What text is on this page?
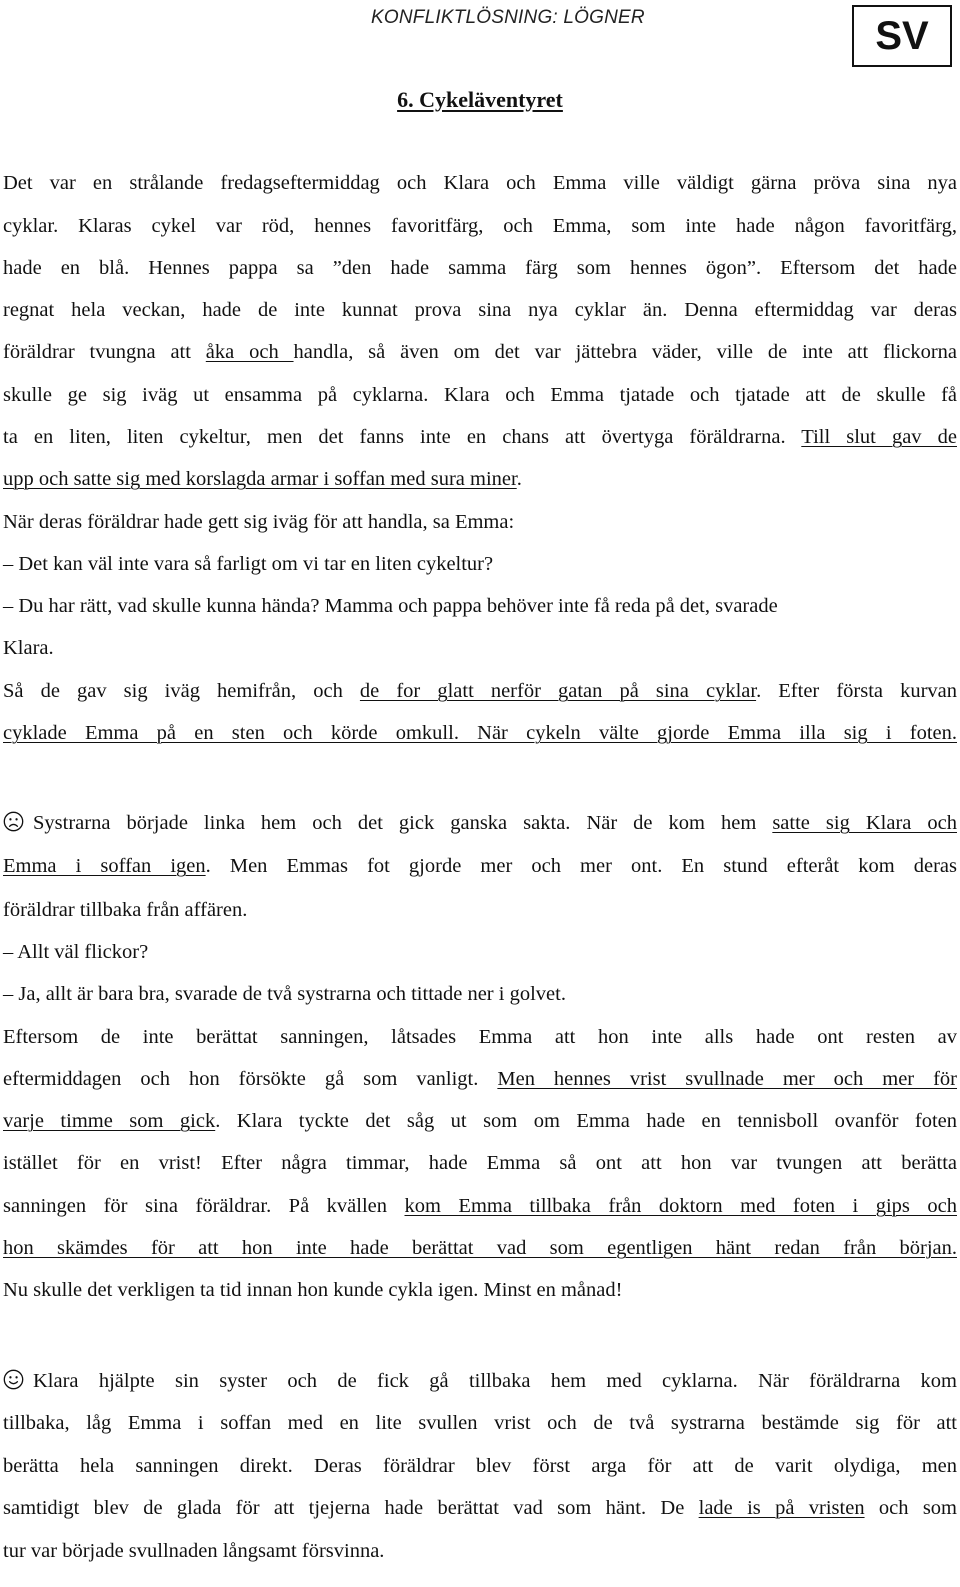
KONFLIKTLÖSNING: LÖGNER	SV
6. Cykeläventyret
Det var en strålande fredagseftermiddag och Klara och Emma ville väldigt gärna pröva sina nya
cyklar. Klaras cykel var röd, hennes favoritfärg, och Emma, som inte hade någon favoritfärg,
hade en blå. Hennes pappa sa ”den hade samma färg som hennes ögon”. Eftersom det hade
regnat hela veckan, hade de inte kunnat prova sina nya cyklar än. Denna eftermiddag var deras
föräldrar tvungna att åka och handla, så även om det var jättebra väder, ville de inte att flickorna
skulle ge sig iväg ut ensamma på cyklarna. Klara och Emma tjatade och tjatade att de skulle få
ta en liten, liten cykeltur, men det fanns inte en chans att övertyga föräldrarna. Till slut gav de
upp och satte sig med korslagda armar i soffan med sura miner.
När deras föräldrar hade gett sig iväg för att handla, sa Emma:
– Det kan väl inte vara så farligt om vi tar en liten cykeltur?
– Du har rätt, vad skulle kunna hända? Mamma och pappa behöver inte få reda på det, svarade
Klara.
Så de gav sig iväg hemifrån, och de for glatt nerför gatan på sina cyklar. Efter första kurvan
cyklade Emma på en sten och körde omkull. När cykeln välte gjorde Emma illa sig i foten.
Systrarna började linka hem och det gick ganska sakta. När de kom hem satte sig Klara och
Emma i soffan igen. Men Emmas fot gjorde mer och mer ont. En stund efteråt kom deras
föräldrar tillbaka från affären.
– Allt väl flickor?
– Ja, allt är bara bra, svarade de två systrarna och tittade ner i golvet.
Eftersom de inte berättat sanningen, låtsades Emma att hon inte alls hade ont resten av
eftermiddagen och hon försökte gå som vanligt. Men hennes vrist svullnade mer och mer för
varje timme som gick. Klara tyckte det såg ut som om Emma hade en tennisboll ovanför foten
istället för en vrist! Efter några timmar, hade Emma så ont att hon var tvungen att berätta
sanningen för sina föräldrar. På kvällen kom Emma tillbaka från doktorn med foten i gips och
hon skämdes för att hon inte hade berättat vad som egentligen hänt redan från början.
Nu skulle det verkligen ta tid innan hon kunde cykla igen. Minst en månad!
Klara hjälpte sin syster och de fick gå tillbaka hem med cyklarna. När föräldrarna kom
tillbaka, låg Emma i soffan med en lite svullen vrist och de två systrarna bestämde sig för att
berätta hela sanningen direkt. Deras föräldrar blev först arga för att de varit olydiga, men
samtidigt blev de glada för att tjejerna hade berättat vad som hänt. De lade is på vristen och som
tur var började svullnaden långsamt försvinna.
